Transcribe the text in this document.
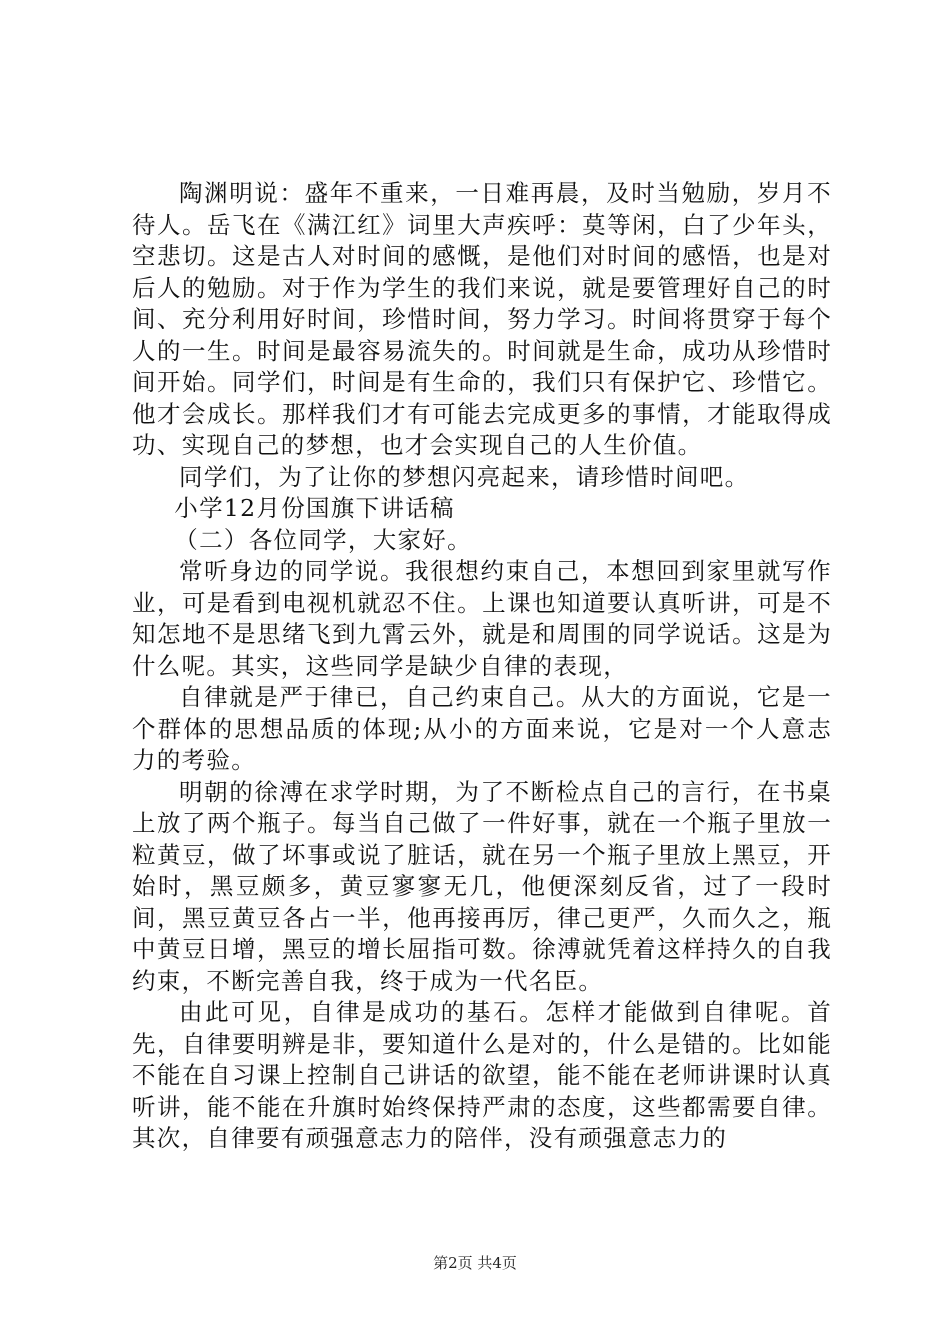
陶渊明说：盛年不重来，一日难再晨，及时当勉励，岁月不待人。岳飞在《满江红》词里大声疾呼：莫等闲，白了少年头，空悲切。这是古人对时间的感慨，是他们对时间的感悟，也是对后人的勉励。对于作为学生的我们来说，就是要管理好自己的时间、充分利用好时间，珍惜时间，努力学习。时间将贯穿于每个人的一生。时间是最容易流失的。时间就是生命，成功从珍惜时间开始。同学们，时间是有生命的，我们只有保护它、珍惜它。他才会成长。那样我们才有可能去完成更多的事情，才能取得成功、实现自己的梦想，也才会实现自己的人生价值。

同学们，为了让你的梦想闪亮起来，请珍惜时间吧。

小学12月份国旗下讲话稿

（二）各位同学，大家好。

常听身边的同学说。我很想约束自己，本想回到家里就写作业，可是看到电视机就忍不住。上课也知道要认真听讲，可是不知怎地不是思绪飞到九霄云外，就是和周围的同学说话。这是为什么呢。其实，这些同学是缺少自律的表现，

自律就是严于律已，自己约束自己。从大的方面说，它是一个群体的思想品质的体现;从小的方面来说，它是对一个人意志力的考验。

明朝的徐溥在求学时期，为了不断检点自己的言行，在书桌上放了两个瓶子。每当自己做了一件好事，就在一个瓶子里放一粒黄豆，做了坏事或说了脏话，就在另一个瓶子里放上黑豆，开始时，黑豆颇多，黄豆寥寥无几，他便深刻反省，过了一段时间，黑豆黄豆各占一半，他再接再厉，律己更严，久而久之，瓶中黄豆日增，黑豆的增长屈指可数。徐溥就凭着这样持久的自我约束，不断完善自我，终于成为一代名臣。

由此可见，自律是成功的基石。怎样才能做到自律呢。首先，自律要明辨是非，要知道什么是对的，什么是错的。比如能不能在自习课上控制自己讲话的欲望，能不能在老师讲课时认真听讲，能不能在升旗时始终保持严肃的态度，这些都需要自律。其次，自律要有顽强意志力的陪伴，没有顽强意志力的

第2页 共4页
